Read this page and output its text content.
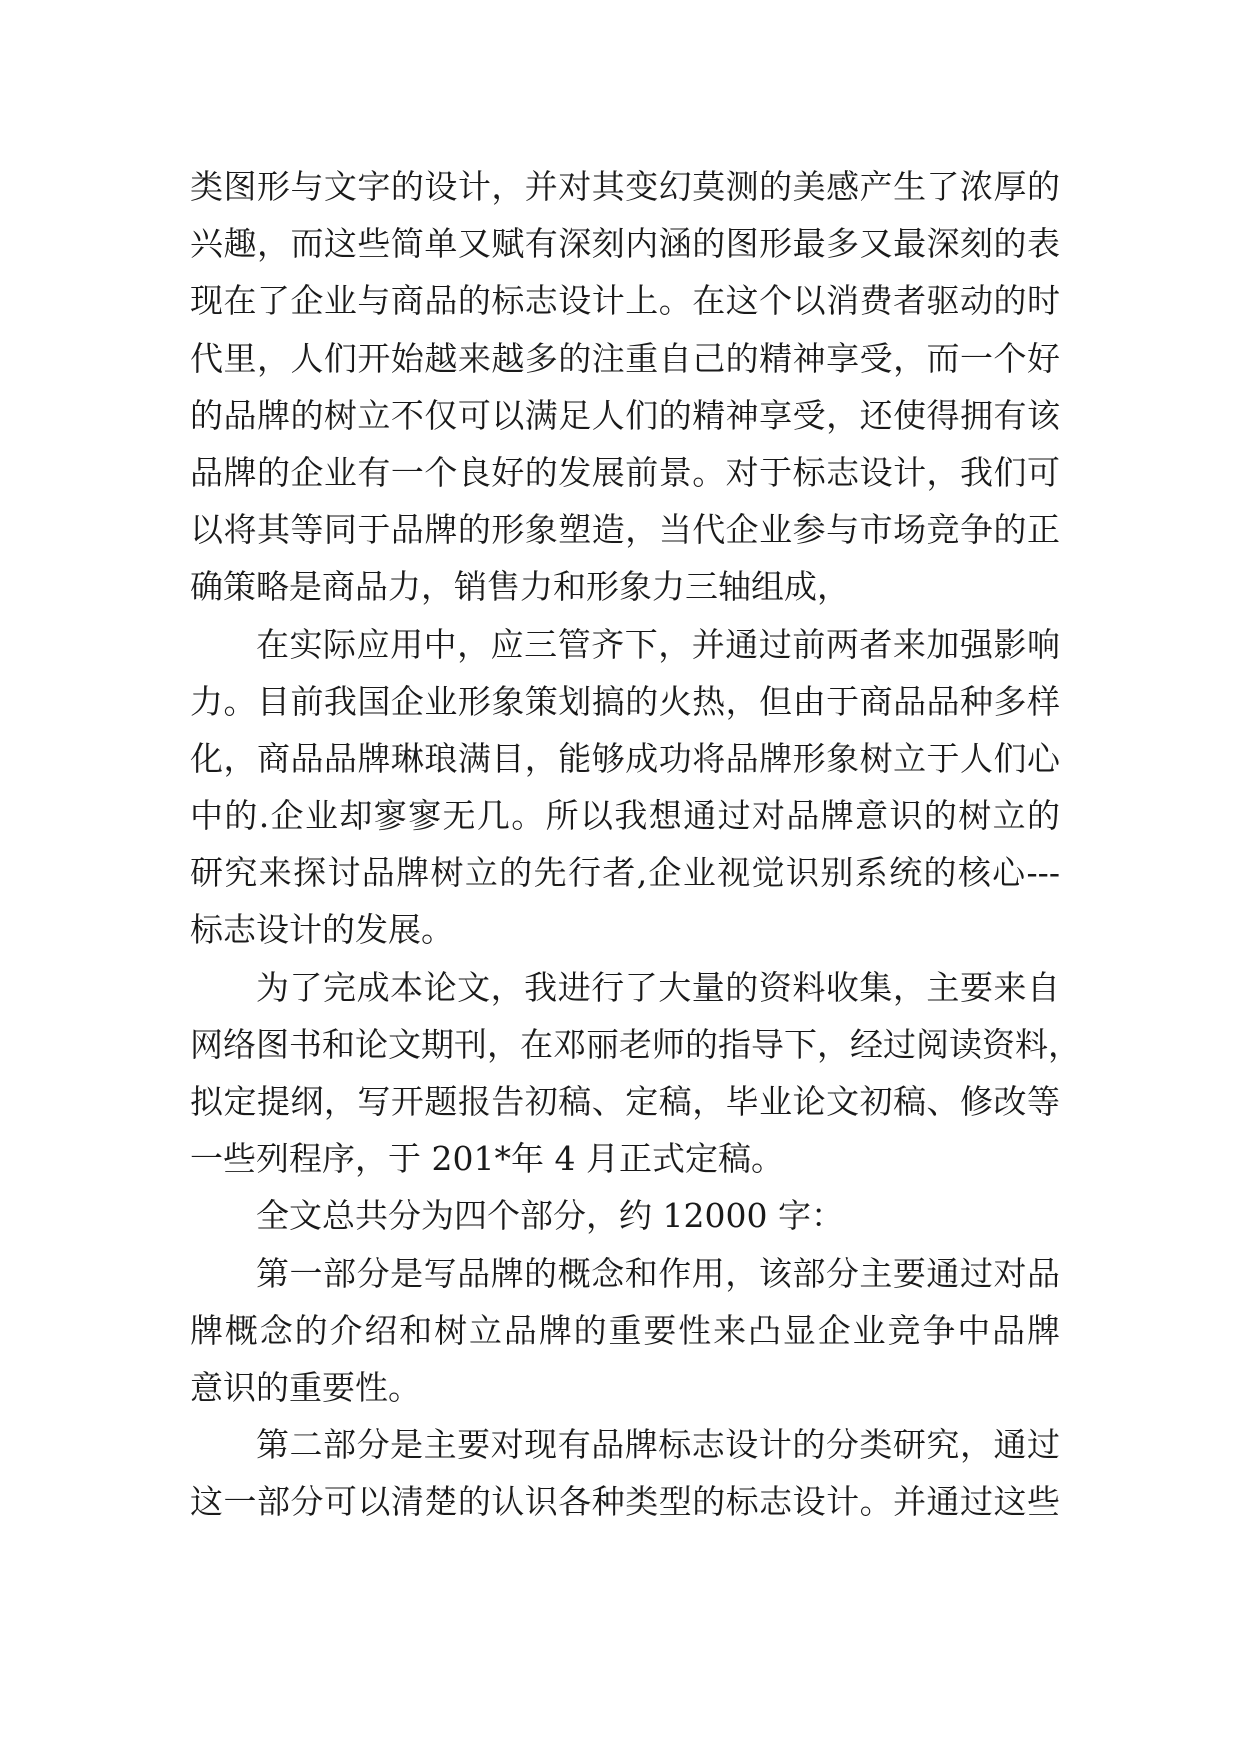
类图形与文字的设计，并对其变幻莫测的美感产生了浓厚的
兴趣，而这些简单又赋有深刻内涵的图形最多又最深刻的表
现在了企业与商品的标志设计上。在这个以消费者驱动的时
代里，人们开始越来越多的注重自己的精神享受，而一个好
的品牌的树立不仅可以满足人们的精神享受，还使得拥有该
品牌的企业有一个良好的发展前景。对于标志设计，我们可
以将其等同于品牌的形象塑造，当代企业参与市场竞争的正
确策略是商品力，销售力和形象力三轴组成，
在实际应用中，应三管齐下，并通过前两者来加强影响
力。目前我国企业形象策划搞的火热，但由于商品品种多样
化，商品品牌琳琅满目，能够成功将品牌形象树立于人们心
中的.企业却寥寥无几。所以我想通过对品牌意识的树立的
研究来探讨品牌树立的先行者,企业视觉识别系统的核心---
标志设计的发展。
为了完成本论文，我进行了大量的资料收集，主要来自
网络图书和论文期刊，在邓丽老师的指导下，经过阅读资料，
拟定提纲，写开题报告初稿、定稿，毕业论文初稿、修改等
一些列程序，于 201*年 4 月正式定稿。
全文总共分为四个部分，约 12000 字：
第一部分是写品牌的概念和作用，该部分主要通过对品
牌概念的介绍和树立品牌的重要性来凸显企业竞争中品牌
意识的重要性。
第二部分是主要对现有品牌标志设计的分类研究，通过
这一部分可以清楚的认识各种类型的标志设计。并通过这些
